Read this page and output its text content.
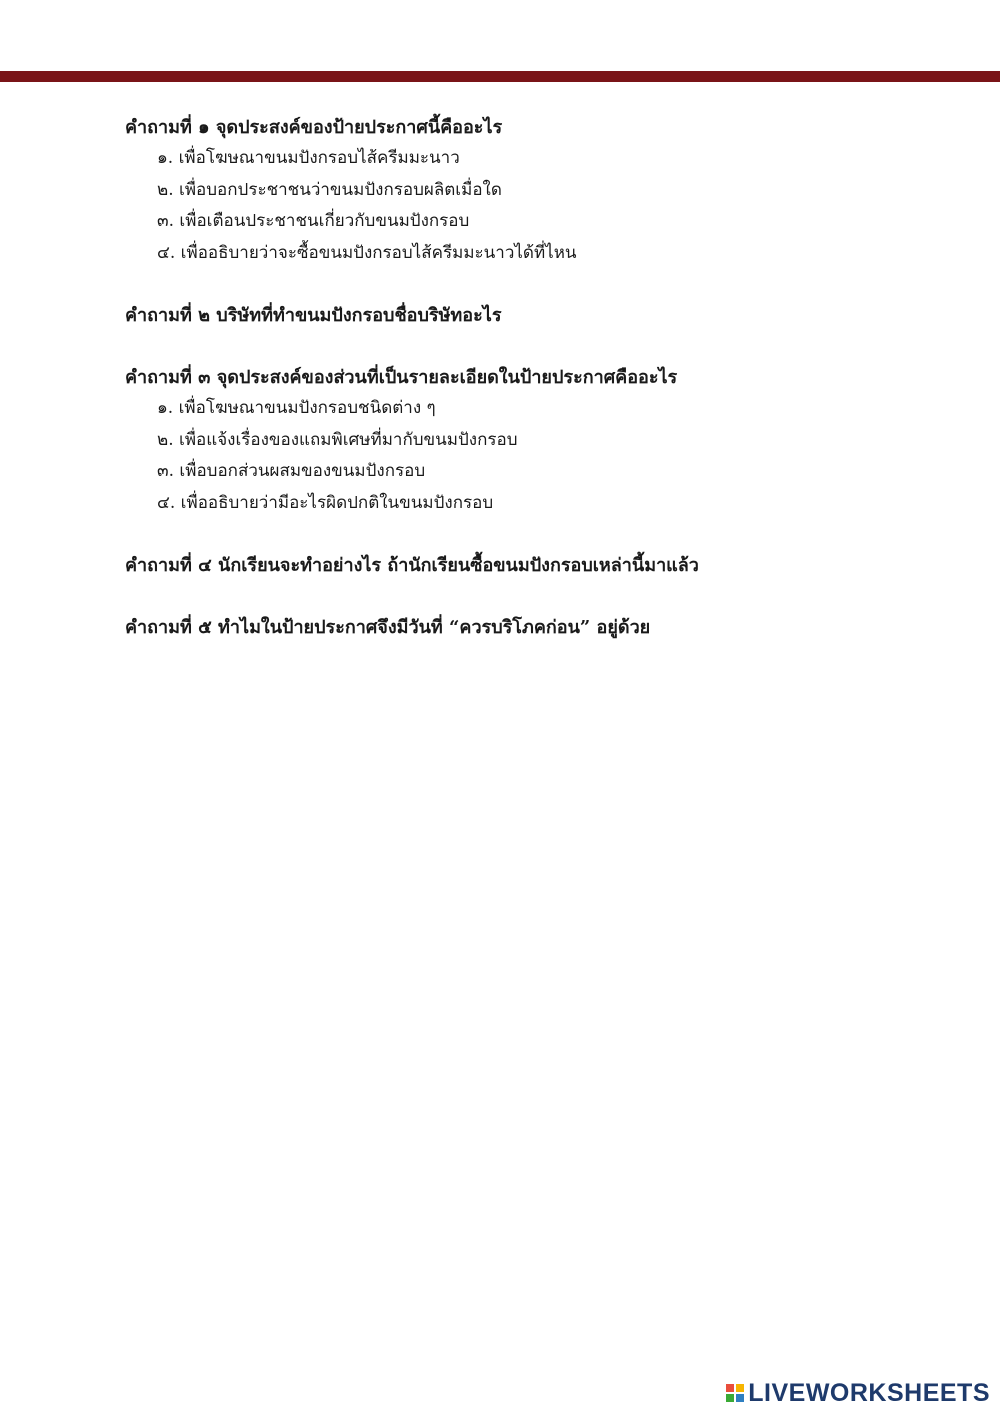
คำถามที่ ๑ จุดประสงค์ของป้ายประกาศนี้คืออะไร

๑. เพื่อโฆษณาขนมปังกรอบไส้ครีมมะนาว
๒. เพื่อบอกประชาชนว่าขนมปังกรอบผลิตเมื่อใด
๓. เพื่อเตือนประชาชนเกี่ยวกับขนมปังกรอบ
๔. เพื่ออธิบายว่าจะซื้อขนมปังกรอบไส้ครีมมะนาวได้ที่ไหน

คำถามที่ ๒ บริษัทที่ทำขนมปังกรอบชื่อบริษัทอะไร

คำถามที่ ๓ จุดประสงค์ของส่วนที่เป็นรายละเอียดในป้ายประกาศคืออะไร

๑. เพื่อโฆษณาขนมปังกรอบชนิดต่าง ๆ
๒. เพื่อแจ้งเรื่องของแถมพิเศษที่มากับขนมปังกรอบ
๓. เพื่อบอกส่วนผสมของขนมปังกรอบ
๔. เพื่ออธิบายว่ามีอะไรผิดปกติในขนมปังกรอบ

คำถามที่ ๔ นักเรียนจะทำอย่างไร ถ้านักเรียนซื้อขนมปังกรอบเหล่านี้มาแล้ว

คำถามที่ ๕ ทำไมในป้ายประกาศจึงมีวันที่ “ควรบริโภคก่อน” อยู่ด้วย

LIVEWORKSHEETS
